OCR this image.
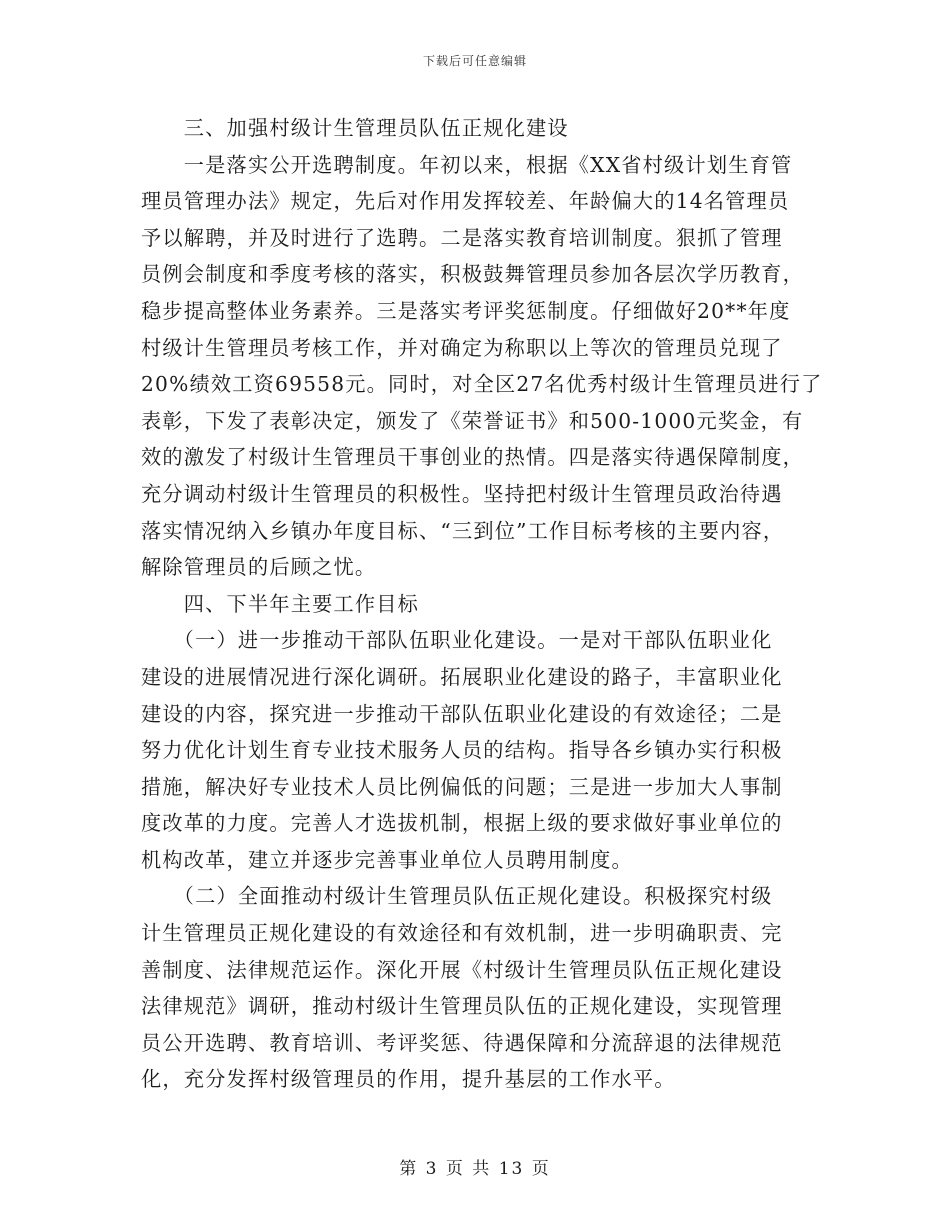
下载后可任意编辑
　　三、加强村级计生管理员队伍正规化建设
　　一是落实公开选聘制度。年初以来，根据《XX省村级计划生育管
理员管理办法》规定，先后对作用发挥较差、年龄偏大的14名管理员
予以解聘，并及时进行了选聘。二是落实教育培训制度。狠抓了管理
员例会制度和季度考核的落实，积极鼓舞管理员参加各层次学历教育，
稳步提高整体业务素养。三是落实考评奖惩制度。仔细做好20**年度
村级计生管理员考核工作，并对确定为称职以上等次的管理员兑现了
20%绩效工资69558元。同时，对全区27名优秀村级计生管理员进行了
表彰，下发了表彰决定，颁发了《荣誉证书》和500-1000元奖金，有
效的激发了村级计生管理员干事创业的热情。四是落实待遇保障制度，
充分调动村级计生管理员的积极性。坚持把村级计生管理员政治待遇
落实情况纳入乡镇办年度目标、“三到位”工作目标考核的主要内容，
解除管理员的后顾之忧。
　　四、下半年主要工作目标
　　（一）进一步推动干部队伍职业化建设。一是对干部队伍职业化
建设的进展情况进行深化调研。拓展职业化建设的路子，丰富职业化
建设的内容，探究进一步推动干部队伍职业化建设的有效途径；二是
努力优化计划生育专业技术服务人员的结构。指导各乡镇办实行积极
措施，解决好专业技术人员比例偏低的问题；三是进一步加大人事制
度改革的力度。完善人才选拔机制，根据上级的要求做好事业单位的
机构改革，建立并逐步完善事业单位人员聘用制度。
　　（二）全面推动村级计生管理员队伍正规化建设。积极探究村级
计生管理员正规化建设的有效途径和有效机制，进一步明确职责、完
善制度、法律规范运作。深化开展《村级计生管理员队伍正规化建设
法律规范》调研，推动村级计生管理员队伍的正规化建设，实现管理
员公开选聘、教育培训、考评奖惩、待遇保障和分流辞退的法律规范
化，充分发挥村级管理员的作用，提升基层的工作水平。
第 3 页 共 13 页
